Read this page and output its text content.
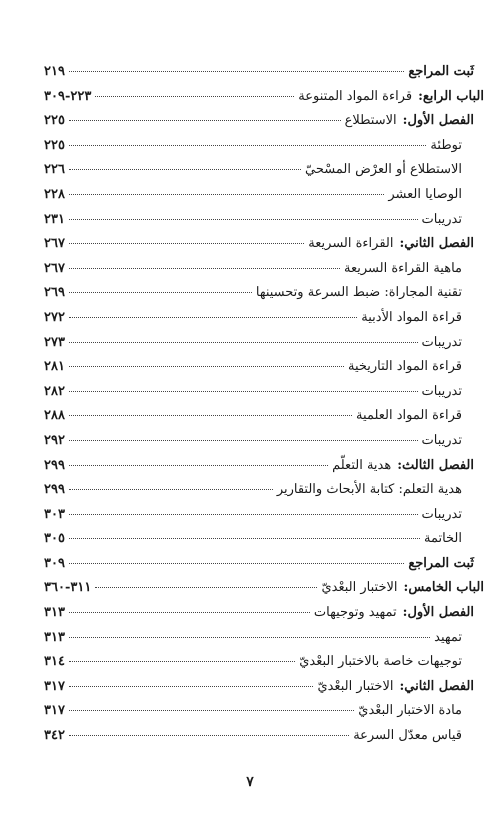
ثَبت المراجع
٢١٩
الباب الرابع:قراءة المواد المتنوعة
٢٢٣-٣٠٩
الفصل الأول:الاستطلاع
٢٢٥
توطئة
٢٢٥
الاستطلاع أو العرْض المسْحيّ
٢٢٦
الوصايا العشر
٢٢٨
تدريبات
٢٣١
الفصل الثاني:القراءة السريعة
٢٦٧
ماهية القراءة السريعة
٢٦٧
تقنية المجاراة: ضبط السرعة وتحسينها
٢٦٩
قراءة المواد الأدبية
٢٧٢
تدريبات
٢٧٣
قراءة المواد التاريخية
٢٨١
تدريبات
٢٨٢
قراءة المواد العلمية
٢٨٨
تدريبات
٢٩٢
الفصل الثالث:هدية التعلّم
٢٩٩
هدية التعلم: كتابة الأبحاث والتقارير
٢٩٩
تدريبات
٣٠٣
الخاتمة
٣٠٥
ثَبت المراجع
٣٠٩
الباب الخامس:الاختبار البعْديّ
٣١١-٣٦٠
الفصل الأول:تمهيد وتوجيهات
٣١٣
تمهيد
٣١٣
توجيهات خاصة بالاختبار البعْديّ
٣١٤
الفصل الثاني:الاختبار البعْديّ
٣١٧
مادة الاختبار البعْديّ
٣١٧
قياس معدّل السرعة
٣٤٢
٧
